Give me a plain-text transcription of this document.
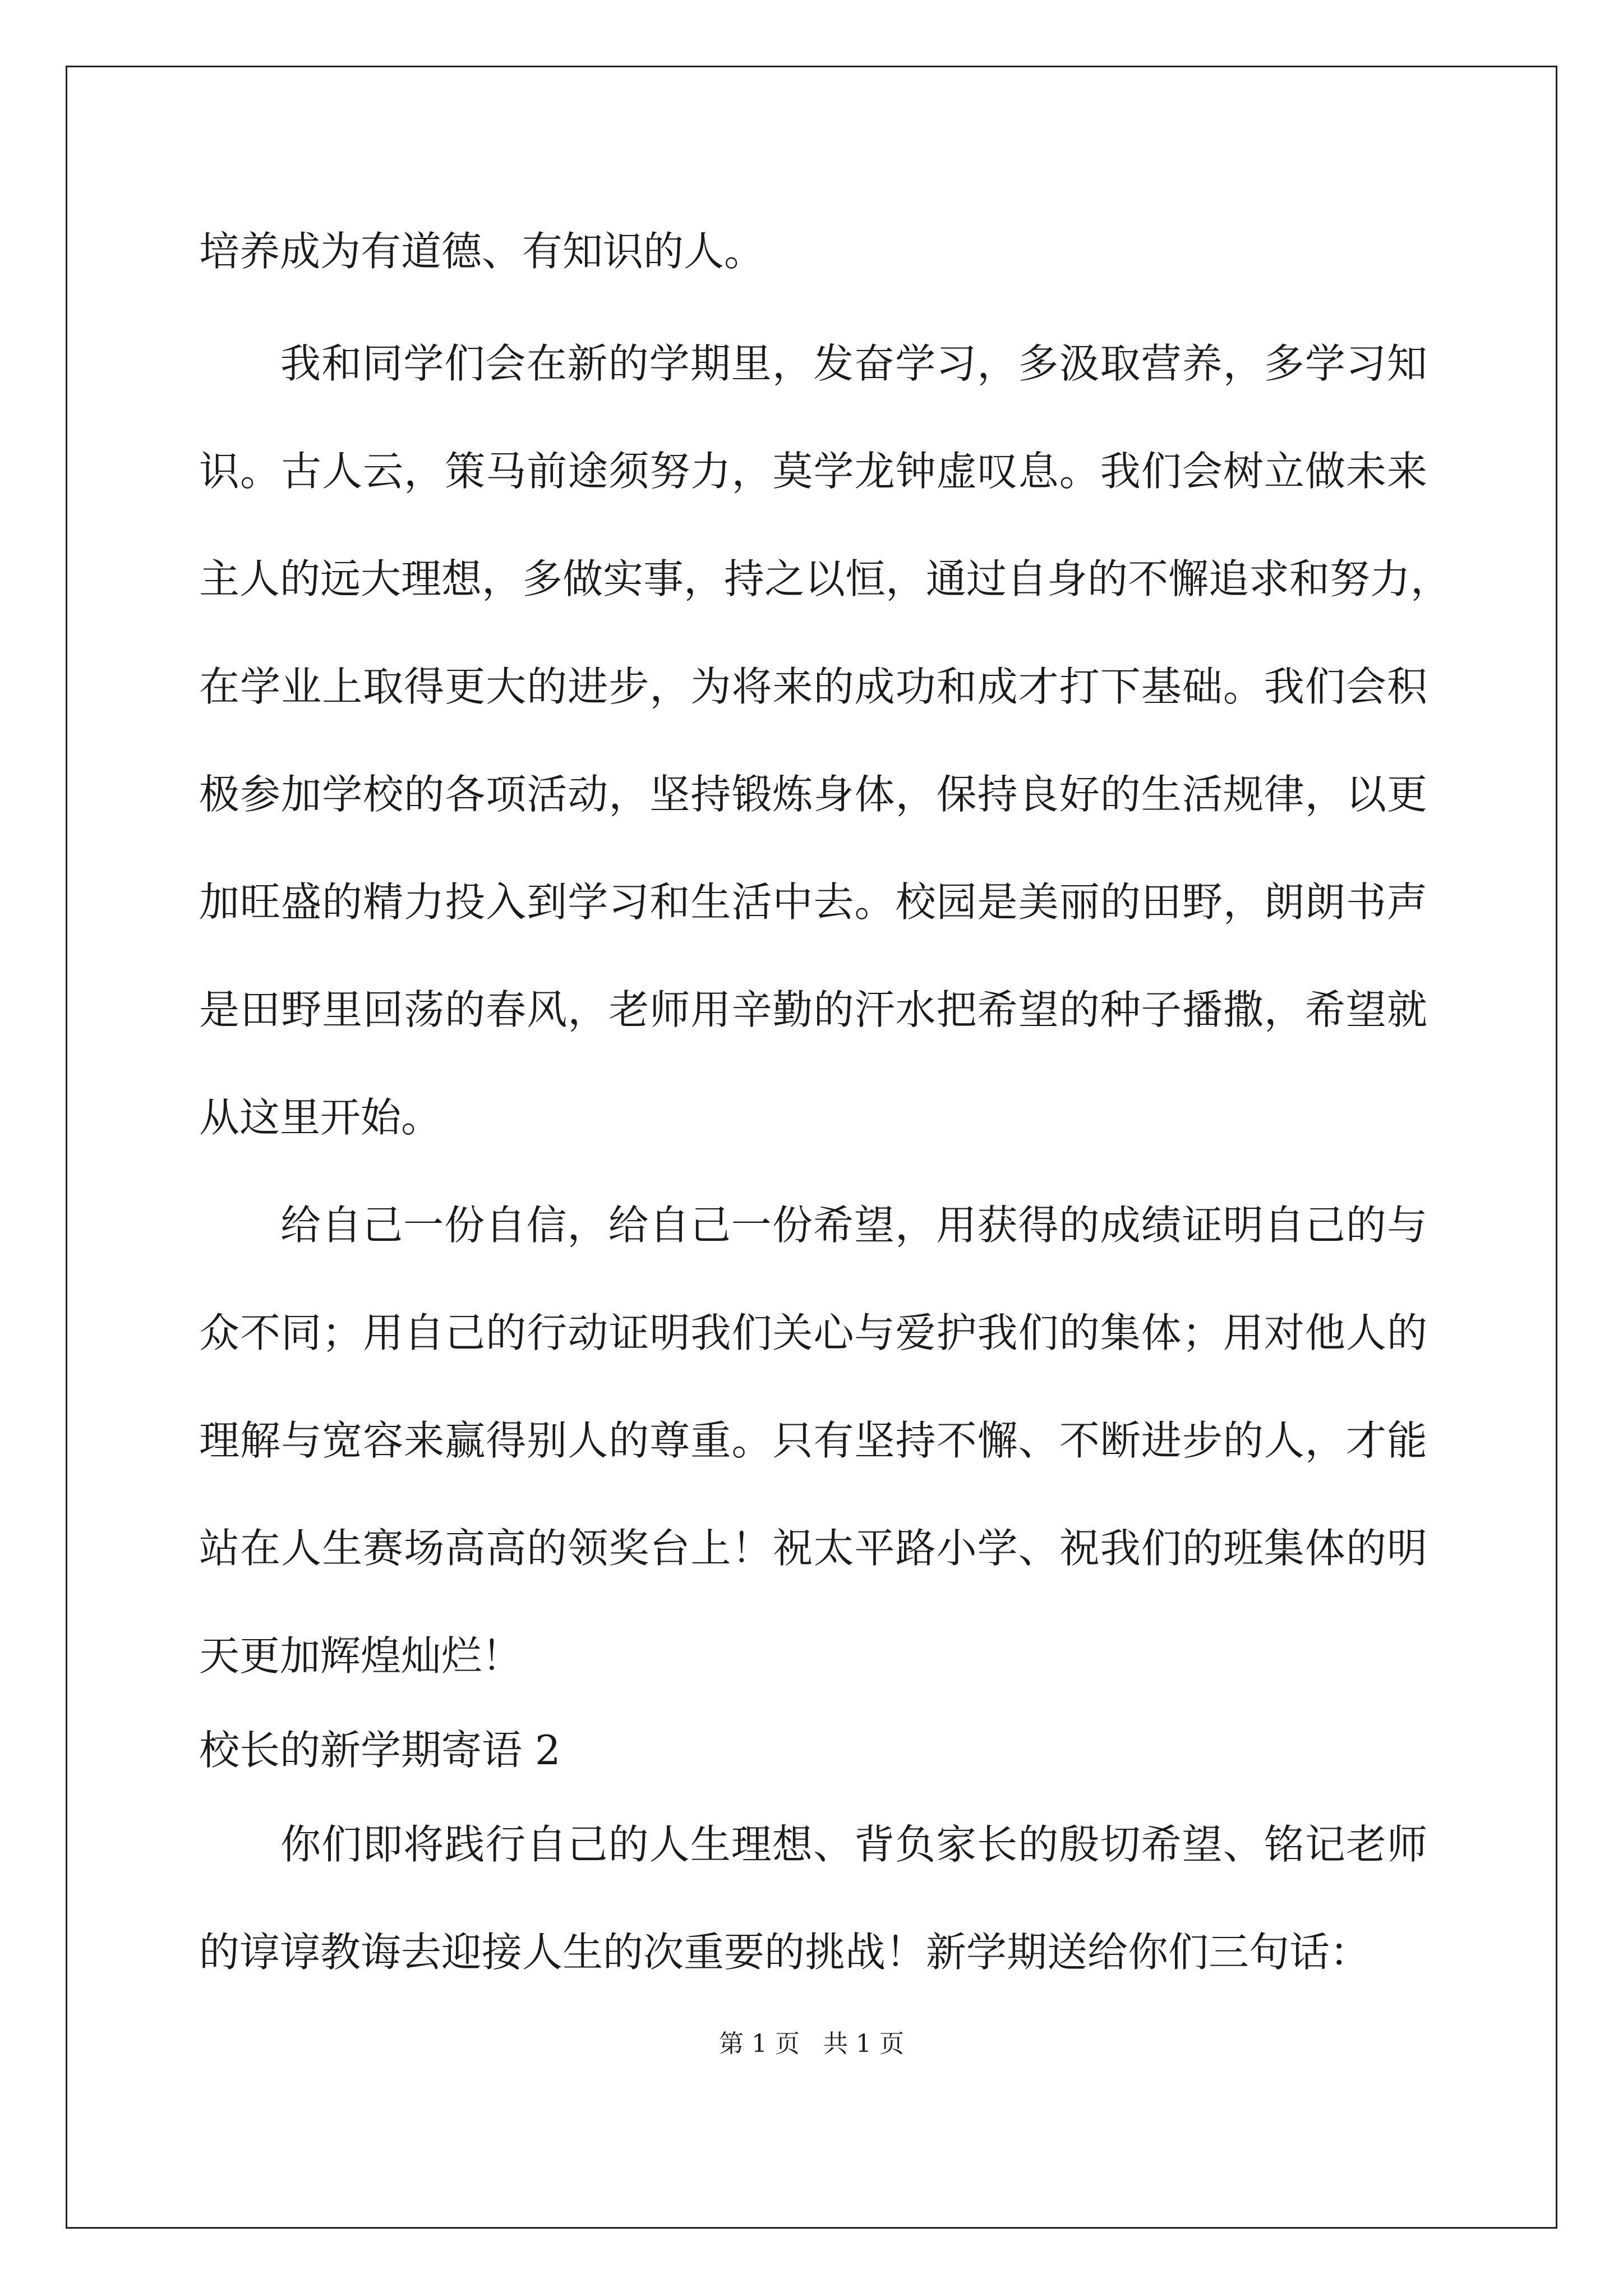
培养成为有道德、有知识的人。
我和同学们会在新的学期里，发奋学习，多汲取营养，多学习知
识。古人云，策马前途须努力，莫学龙钟虚叹息。我们会树立做未来
主人的远大理想，多做实事，持之以恒，通过自身的不懈追求和努力，
在学业上取得更大的进步，为将来的成功和成才打下基础。我们会积
极参加学校的各项活动，坚持锻炼身体，保持良好的生活规律，以更
加旺盛的精力投入到学习和生活中去。校园是美丽的田野，朗朗书声
是田野里回荡的春风，老师用辛勤的汗水把希望的种子播撒，希望就
从这里开始。
给自己一份自信，给自己一份希望，用获得的成绩证明自己的与
众不同；用自己的行动证明我们关心与爱护我们的集体；用对他人的
理解与宽容来赢得别人的尊重。只有坚持不懈、不断进步的人，才能
站在人生赛场高高的领奖台上！祝太平路小学、祝我们的班集体的明
天更加辉煌灿烂！
校长的新学期寄语 2
你们即将践行自己的人生理想、背负家长的殷切希望、铭记老师
的谆谆教诲去迎接人生的次重要的挑战！新学期送给你们三句话：
第 1 页   共 1 页
